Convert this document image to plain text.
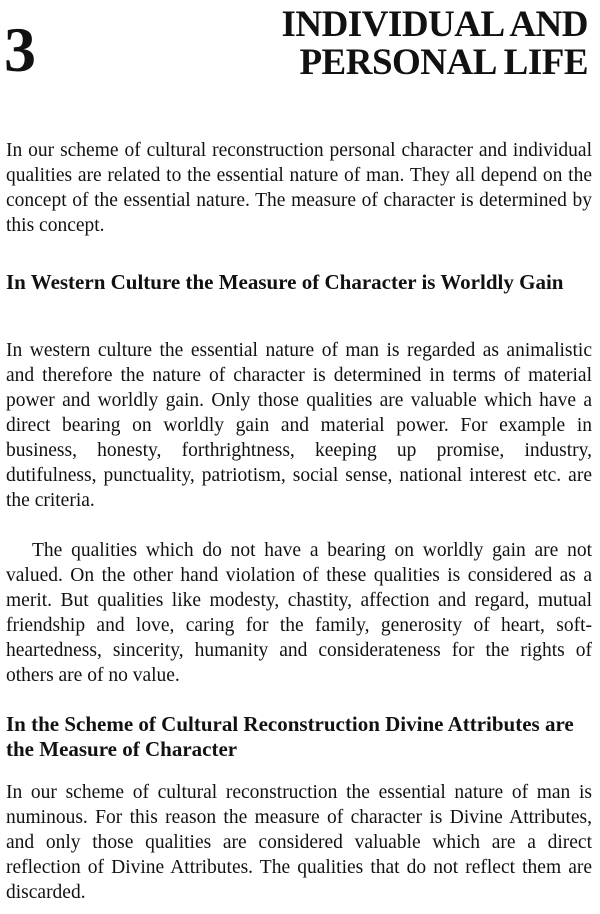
3	INDIVIDUAL AND
PERSONAL LIFE

In our scheme of cultural reconstruction personal character and individual qualities are related to the essential nature of man. They all depend on the concept of the essential nature. The measure of character is determined by this concept.

In Western Culture the Measure of Character is Worldly Gain

In western culture the essential nature of man is regarded as animalistic and therefore the nature of character is determined in terms of material power and worldly gain. Only those qualities are valuable which have a direct bearing on worldly gain and material power. For example in business, honesty, forthrightness, keeping up promise, industry, dutifulness, punctuality, patriotism, social sense, national interest etc. are the criteria.

The qualities which do not have a bearing on worldly gain are not valued. On the other hand violation of these qualities is considered as a merit. But qualities like modesty, chastity, affection and regard, mutual friendship and love, caring for the family, generosity of heart, soft-heartedness, sincerity, humanity and considerateness for the rights of others are of no value.

In the Scheme of Cultural Reconstruction Divine Attributes are the Measure of Character

In our scheme of cultural reconstruction the essential nature of man is numinous. For this reason the measure of character is Divine Attributes, and only those qualities are considered valuable which are a direct reflection of Divine Attributes. The qualities that do not reflect them are discarded.
